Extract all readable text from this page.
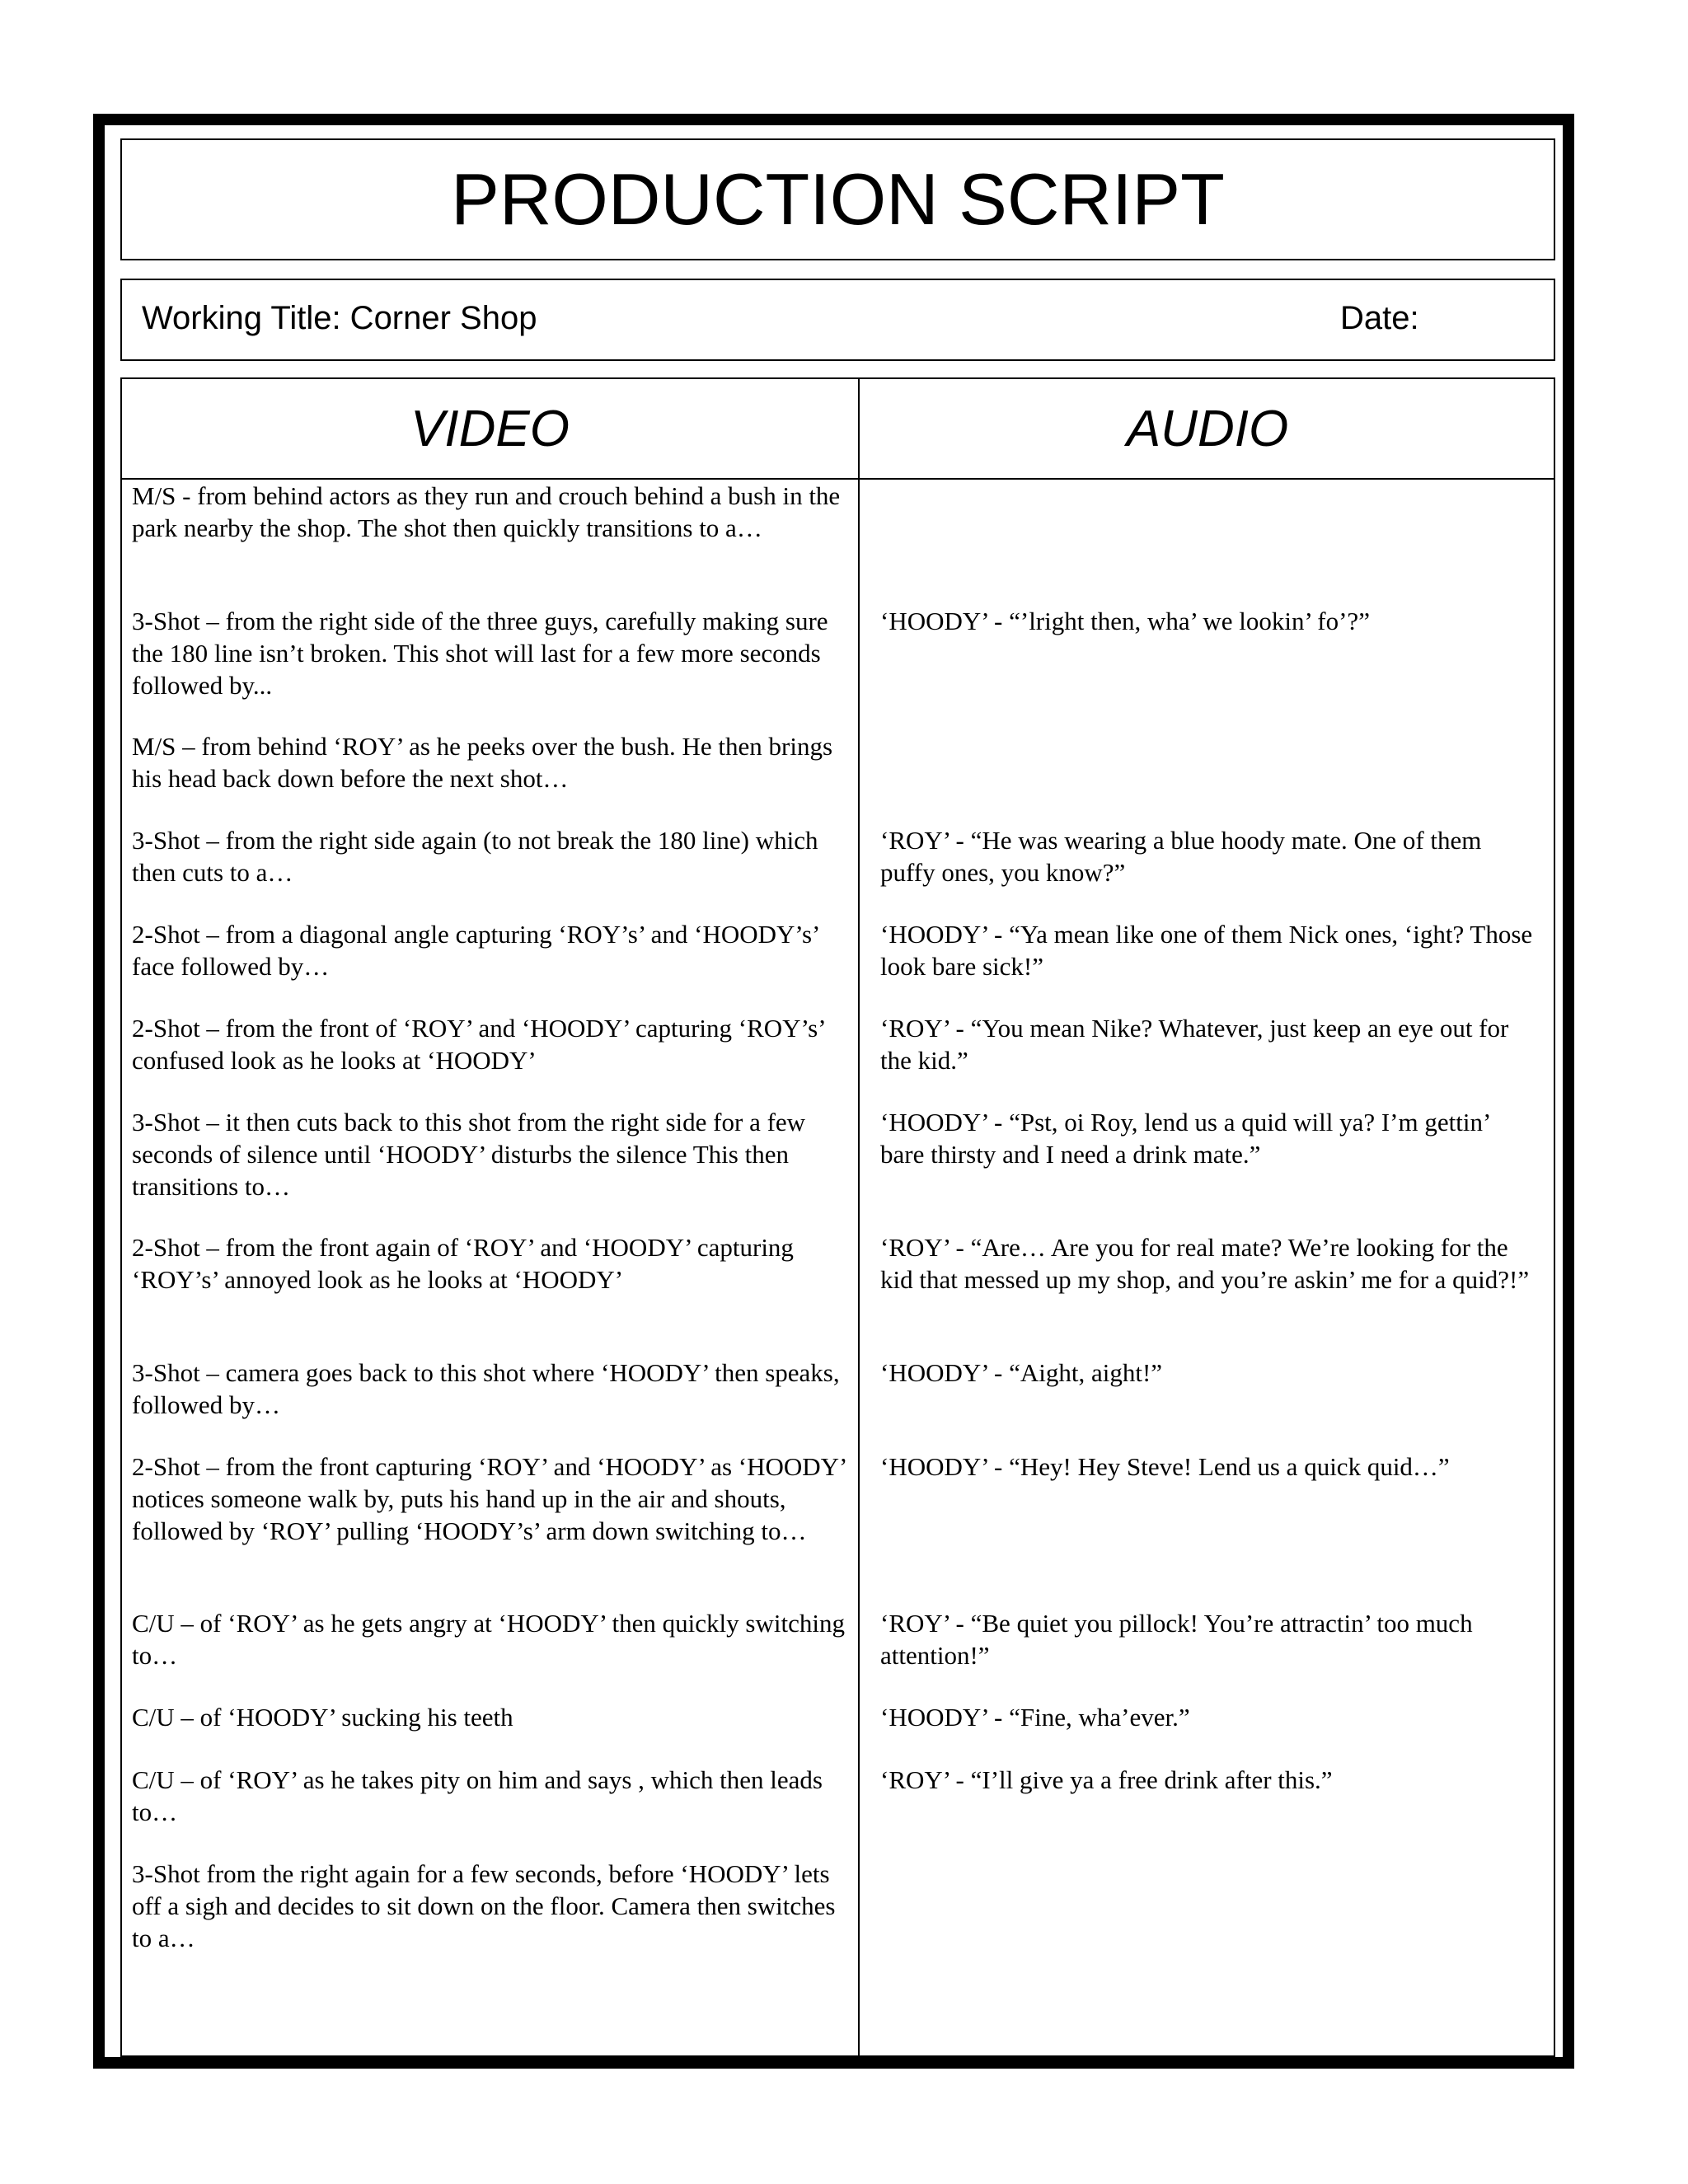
PRODUCTION SCRIPT
Working Title: Corner Shop	Date:
VIDEO	AUDIO
M/S - from behind actors as they run and crouch behind a bush in the park nearby the shop. The shot then quickly transitions to a…
3-Shot – from the right side of the three guys, carefully making sure the 180 line isn’t broken. This shot will last for a few more seconds followed by...
M/S – from behind ‘ROY’ as he peeks over the bush. He then brings his head back down before the next shot…
3-Shot – from the right side again (to not break the 180 line) which then cuts to a…
2-Shot – from a diagonal angle capturing ‘ROY’s’ and ‘HOODY’s’ face followed by…
2-Shot – from the front of ‘ROY’ and ‘HOODY’ capturing ‘ROY’s’ confused look as he looks at ‘HOODY’
3-Shot – it then cuts back to this shot from the right side for a few seconds of silence until ‘HOODY’ disturbs the silence This then transitions to…
2-Shot – from the front again of ‘ROY’ and ‘HOODY’ capturing ‘ROY’s’ annoyed look as he looks at ‘HOODY’
3-Shot – camera goes back to this shot where ‘HOODY’ then speaks, followed by…
2-Shot – from the front capturing ‘ROY’ and ‘HOODY’ as ‘HOODY’ notices someone walk by, puts his hand up in the air and shouts, followed by ‘ROY’ pulling ‘HOODY’s’ arm down switching to…
C/U – of ‘ROY’ as he gets angry at ‘HOODY’ then quickly switching to…
C/U – of ‘HOODY’ sucking his teeth
C/U – of ‘ROY’ as he takes pity on him and says , which then leads to…
3-Shot from the right again for a few seconds, before ‘HOODY’ lets off a sigh and decides to sit down on the floor. Camera then switches to a…
‘HOODY’ - “’lright then, wha’ we lookin’ fo’?”
‘ROY’ - “He was wearing a blue hoody mate. One of them puffy ones, you know?”
‘HOODY’ - “Ya mean like one of them Nick ones, ‘ight? Those look bare sick!”
‘ROY’ - “You mean Nike? Whatever, just keep an eye out for the kid.”
‘HOODY’ - “Pst, oi Roy, lend us a quid will ya? I’m gettin’ bare thirsty and I need a drink mate.”
‘ROY’ - “Are… Are you for real mate? We’re looking for the kid that messed up my shop, and you’re askin’ me for a quid?!”
‘HOODY’ - “Aight, aight!”
‘HOODY’ - “Hey! Hey Steve! Lend us a quick quid…”
‘ROY’ - “Be quiet you pillock! You’re attractin’ too much attention!”
‘HOODY’ - “Fine, wha’ever.”
‘ROY’ - “I’ll give ya a free drink after this.”
